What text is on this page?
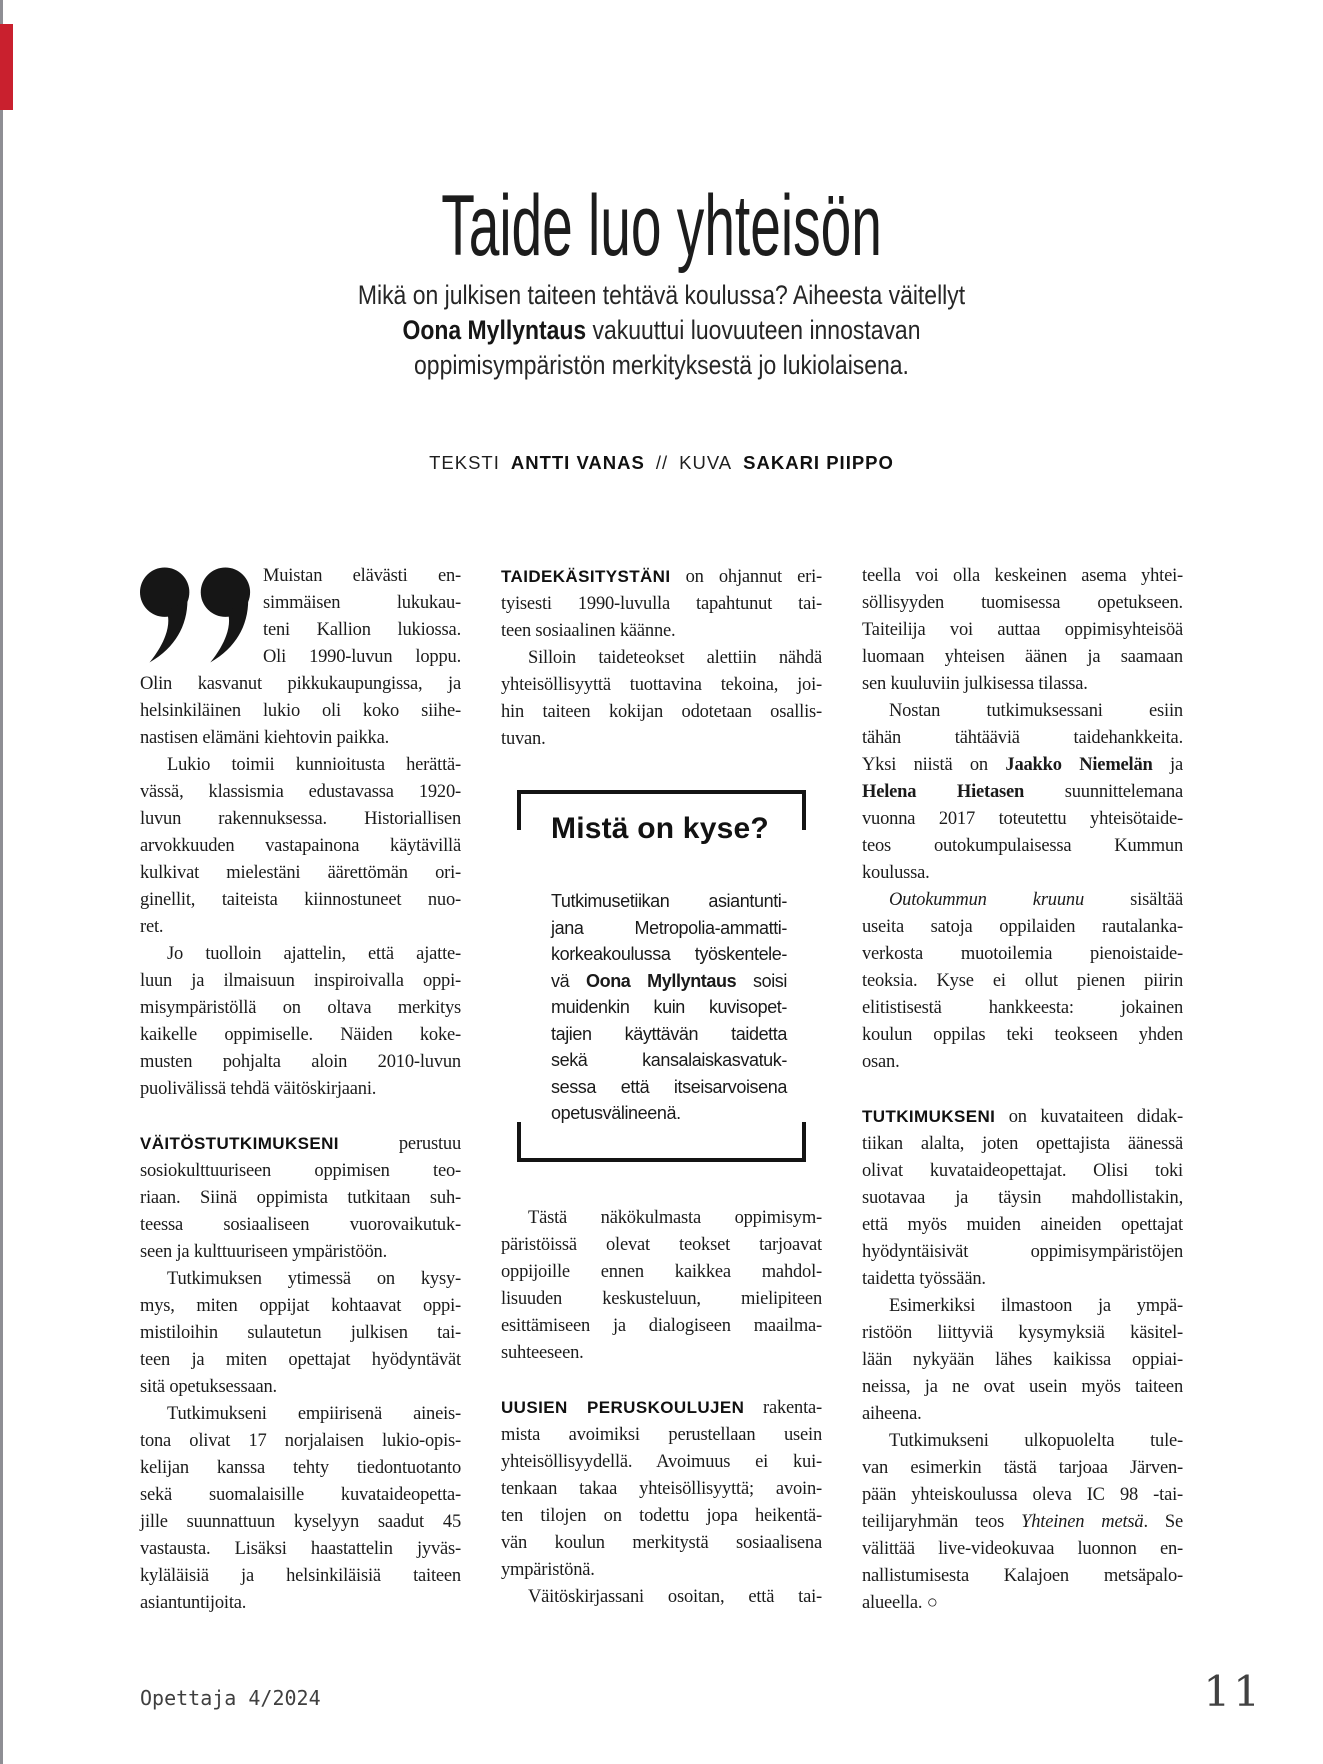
Taide luo yhteisön
Mikä on julkisen taiteen tehtävä koulussa? Aiheesta väitellyt
Oona Myllyntaus vakuuttui luovuuteen innostavan
oppimisympäristön merkityksestä jo lukiolaisena.
TEKSTI ANTTI VANAS // KUVA SAKARI PIIPPO
Muistan elävästi en-
simmäisen lukukau-
teni Kallion lukiossa.
Oli 1990-luvun loppu.
Olin kasvanut pikkukaupungissa, ja
helsinkiläinen lukio oli koko siihe-
nastisen elämäni kiehtovin paikka.
Lukio toimii kunnioitusta herättä-
vässä, klassismia edustavassa 1920-
luvun rakennuksessa. Historiallisen
arvokkuuden vastapainona käytävillä
kulkivat mielestäni äärettömän ori-
ginellit, taiteista kiinnostuneet nuo-
ret.
Jo tuolloin ajattelin, että ajatte-
luun ja ilmaisuun inspiroivalla oppi-
misympäristöllä on oltava merkitys
kaikelle oppimiselle. Näiden koke-
musten pohjalta aloin 2010-luvun
puolivälissä tehdä väitöskirjaani.
VÄITÖSTUTKIMUKSENI perustuu
sosiokulttuuriseen oppimisen teo-
riaan. Siinä oppimista tutkitaan suh-
teessa sosiaaliseen vuorovaikutuk-
seen ja kulttuuriseen ympäristöön.
Tutkimuksen ytimessä on kysy-
mys, miten oppijat kohtaavat oppi-
mistiloihin sulautetun julkisen tai-
teen ja miten opettajat hyödyntävät
sitä opetuksessaan.
Tutkimukseni empiirisenä aineis-
tona olivat 17 norjalaisen lukio-opis-
kelijan kanssa tehty tiedontuotanto
sekä suomalaisille kuvataideopetta-
jille suunnattuun kyselyyn saadut 45
vastausta. Lisäksi haastattelin jyväs-
kyläläisiä ja helsinkiläisiä taiteen
asiantuntijoita.
TAIDEKÄSITYSTÄNI on ohjannut eri-
tyisesti 1990-luvulla tapahtunut tai-
teen sosiaalinen käänne.
Silloin taideteokset alettiin nähdä
yhteisöllisyyttä tuottavina tekoina, joi-
hin taiteen kokijan odotetaan osallis-
tuvan.
Mistä on kyse?
Tutkimusetiikan asiantunti-
jana Metropolia-ammatti-
korkeakoulussa työskentele-
vä Oona Myllyntaus soisi
muidenkin kuin kuvisopet-
tajien käyttävän taidetta
sekä kansalaiskasvatuk-
sessa että itseisarvoisena
opetusvälineenä.
Tästä näkökulmasta oppimisym-
päristöissä olevat teokset tarjoavat
oppijoille ennen kaikkea mahdol-
lisuuden keskusteluun, mielipiteen
esittämiseen ja dialogiseen maailma-
suhteeseen.
UUSIEN PERUSKOULUJEN rakenta-
mista avoimiksi perustellaan usein
yhteisöllisyydellä. Avoimuus ei kui-
tenkaan takaa yhteisöllisyyttä; avoin-
ten tilojen on todettu jopa heikentä-
vän koulun merkitystä sosiaalisena
ympäristönä.
Väitöskirjassani osoitan, että tai-
teella voi olla keskeinen asema yhtei-
söllisyyden tuomisessa opetukseen.
Taiteilija voi auttaa oppimisyhteisöä
luomaan yhteisen äänen ja saamaan
sen kuuluviin julkisessa tilassa.
Nostan tutkimuksessani esiin
tähän tähtääviä taidehankkeita.
Yksi niistä on Jaakko Niemelän ja
Helena Hietasen suunnittelemana
vuonna 2017 toteutettu yhteisötaide-
teos outokumpulaisessa Kummun
koulussa.
Outokummun kruunu sisältää
useita satoja oppilaiden rautalanka-
verkosta muotoilemia pienoistaide-
teoksia. Kyse ei ollut pienen piirin
elitistisestä hankkeesta: jokainen
koulun oppilas teki teokseen yhden
osan.
TUTKIMUKSENI on kuvataiteen didak-
tiikan alalta, joten opettajista äänessä
olivat kuvataideopettajat. Olisi toki
suotavaa ja täysin mahdollistakin,
että myös muiden aineiden opettajat
hyödyntäisivät oppimisympäristöjen
taidetta työssään.
Esimerkiksi ilmastoon ja ympä-
ristöön liittyviä kysymyksiä käsitel-
lään nykyään lähes kaikissa oppiai-
neissa, ja ne ovat usein myös taiteen
aiheena.
Tutkimukseni ulkopuolelta tule-
van esimerkin tästä tarjoaa Järven-
pään yhteiskoulussa oleva IC 98 -tai-
teilijaryhmän teos Yhteinen metsä. Se
välittää live-videokuvaa luonnon en-
nallistumisesta Kalajoen metsäpalo-
alueella. ○
Opettaja 4/2024	11
